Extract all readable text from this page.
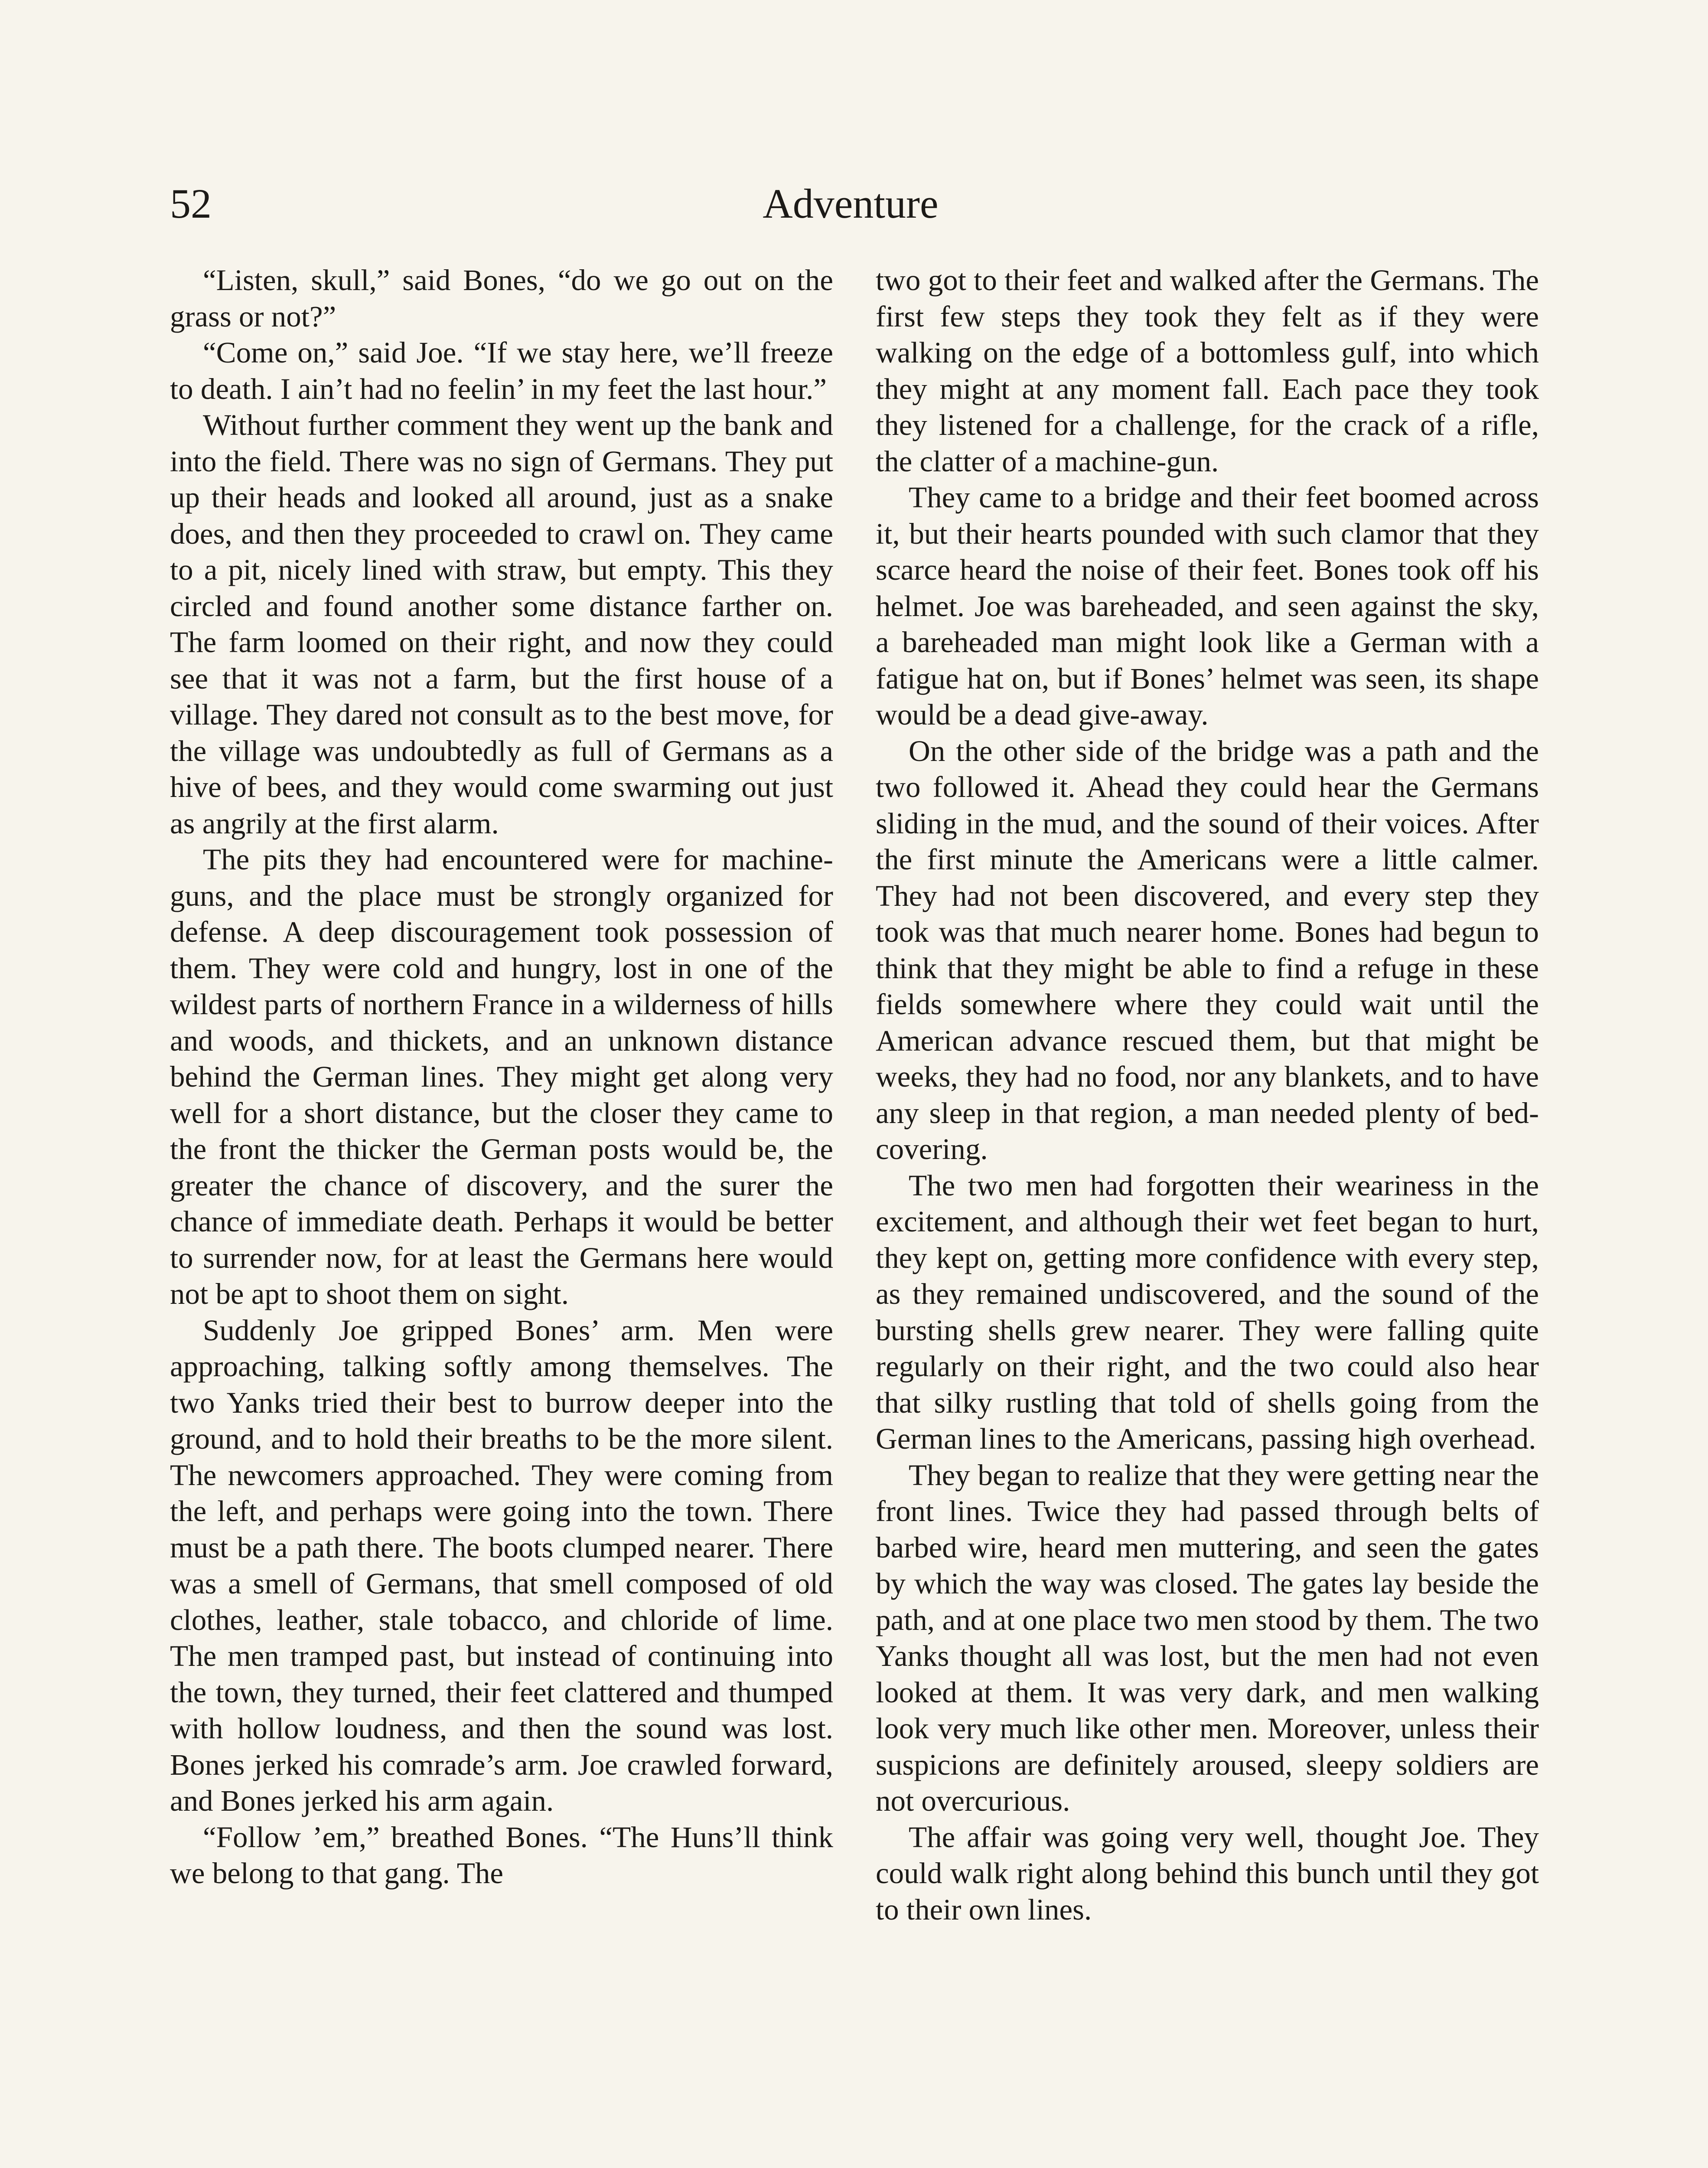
52	Adventure

“Listen, skull,” said Bones, “do we go out on the grass or not?”

“Come on,” said Joe. “If we stay here, we’ll freeze to death. I ain’t had no feelin’ in my feet the last hour.”

Without further comment they went up the bank and into the field. There was no sign of Germans. They put up their heads and looked all around, just as a snake does, and then they proceeded to crawl on. They came to a pit, nicely lined with straw, but empty. This they circled and found another some distance farther on. The farm loomed on their right, and now they could see that it was not a farm, but the first house of a village. They dared not consult as to the best move, for the village was undoubtedly as full of Germans as a hive of bees, and they would come swarming out just as angrily at the first alarm.

The pits they had encountered were for machine-guns, and the place must be strongly organized for defense. A deep discouragement took possession of them. They were cold and hungry, lost in one of the wildest parts of northern France in a wilderness of hills and woods, and thickets, and an unknown distance behind the German lines. They might get along very well for a short distance, but the closer they came to the front the thicker the German posts would be, the greater the chance of discovery, and the surer the chance of immediate death. Perhaps it would be better to surrender now, for at least the Germans here would not be apt to shoot them on sight.

Suddenly Joe gripped Bones’ arm. Men were approaching, talking softly among themselves. The two Yanks tried their best to burrow deeper into the ground, and to hold their breaths to be the more silent. The newcomers approached. They were coming from the left, and perhaps were going into the town. There must be a path there. The boots clumped nearer. There was a smell of Germans, that smell composed of old clothes, leather, stale tobacco, and chloride of lime. The men tramped past, but instead of continuing into the town, they turned, their feet clattered and thumped with hollow loudness, and then the sound was lost. Bones jerked his comrade’s arm. Joe crawled forward, and Bones jerked his arm again.

“Follow ’em,” breathed Bones. “The Huns’ll think we belong to that gang. The

two got to their feet and walked after the Germans. The first few steps they took they felt as if they were walking on the edge of a bottomless gulf, into which they might at any moment fall. Each pace they took they listened for a challenge, for the crack of a rifle, the clatter of a machine-gun.

They came to a bridge and their feet boomed across it, but their hearts pounded with such clamor that they scarce heard the noise of their feet. Bones took off his helmet. Joe was bareheaded, and seen against the sky, a bareheaded man might look like a German with a fatigue hat on, but if Bones’ helmet was seen, its shape would be a dead give-away.

On the other side of the bridge was a path and the two followed it. Ahead they could hear the Germans sliding in the mud, and the sound of their voices. After the first minute the Americans were a little calmer. They had not been discovered, and every step they took was that much nearer home. Bones had begun to think that they might be able to find a refuge in these fields somewhere where they could wait until the American advance rescued them, but that might be weeks, they had no food, nor any blankets, and to have any sleep in that region, a man needed plenty of bed-covering.

The two men had forgotten their weariness in the excitement, and although their wet feet began to hurt, they kept on, getting more confidence with every step, as they remained undiscovered, and the sound of the bursting shells grew nearer. They were falling quite regularly on their right, and the two could also hear that silky rustling that told of shells going from the German lines to the Americans, passing high overhead.

They began to realize that they were getting near the front lines. Twice they had passed through belts of barbed wire, heard men muttering, and seen the gates by which the way was closed. The gates lay beside the path, and at one place two men stood by them. The two Yanks thought all was lost, but the men had not even looked at them. It was very dark, and men walking look very much like other men. Moreover, unless their suspicions are definitely aroused, sleepy soldiers are not overcurious.

The affair was going very well, thought Joe. They could walk right along behind this bunch until they got to their own lines.
